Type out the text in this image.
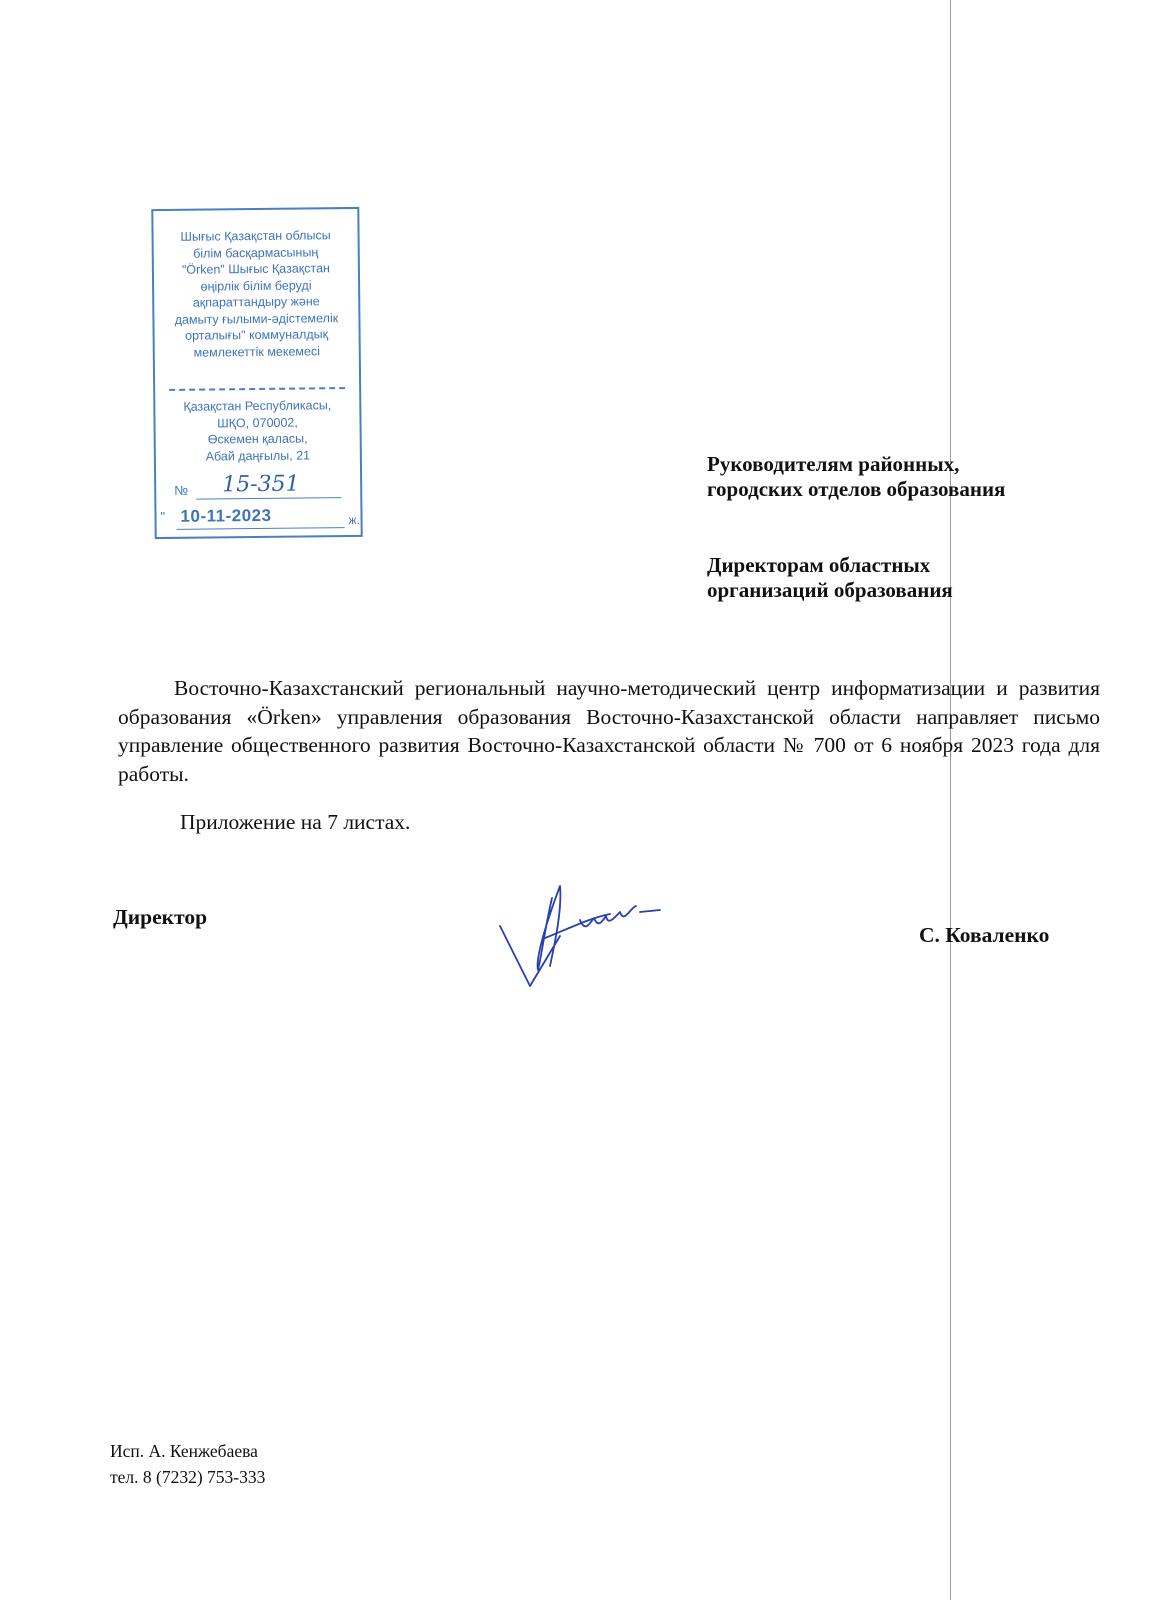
Шығыс Қазақстан облысы
білім басқармасының
"Örken" Шығыс Қазақстан
өңірлік білім беруді
ақпараттандыру және
дамыту ғылыми-әдістемелік
орталығы" коммуналдық
мемлекеттік мекемесі
Қазақстан Республикасы,
ШҚО, 070002,
Өскемен қаласы,
Абай даңғылы, 21
№ 15-351
" 10-11-2023	ж.
Руководителям районных,
городских отделов образования
Директорам областных
организаций образования
Восточно-Казахстанский региональный научно-методический центр информатизации и развития образования «Örken» управления образования Восточно-Казахстанской области направляет письмо управление общественного развития Восточно-Казахстанской области № 700 от 6 ноября 2023 года для работы.
Приложение на 7 листах.
Директор
С. Коваленко
Исп. А. Кенжебаева
тел. 8 (7232) 753-333
